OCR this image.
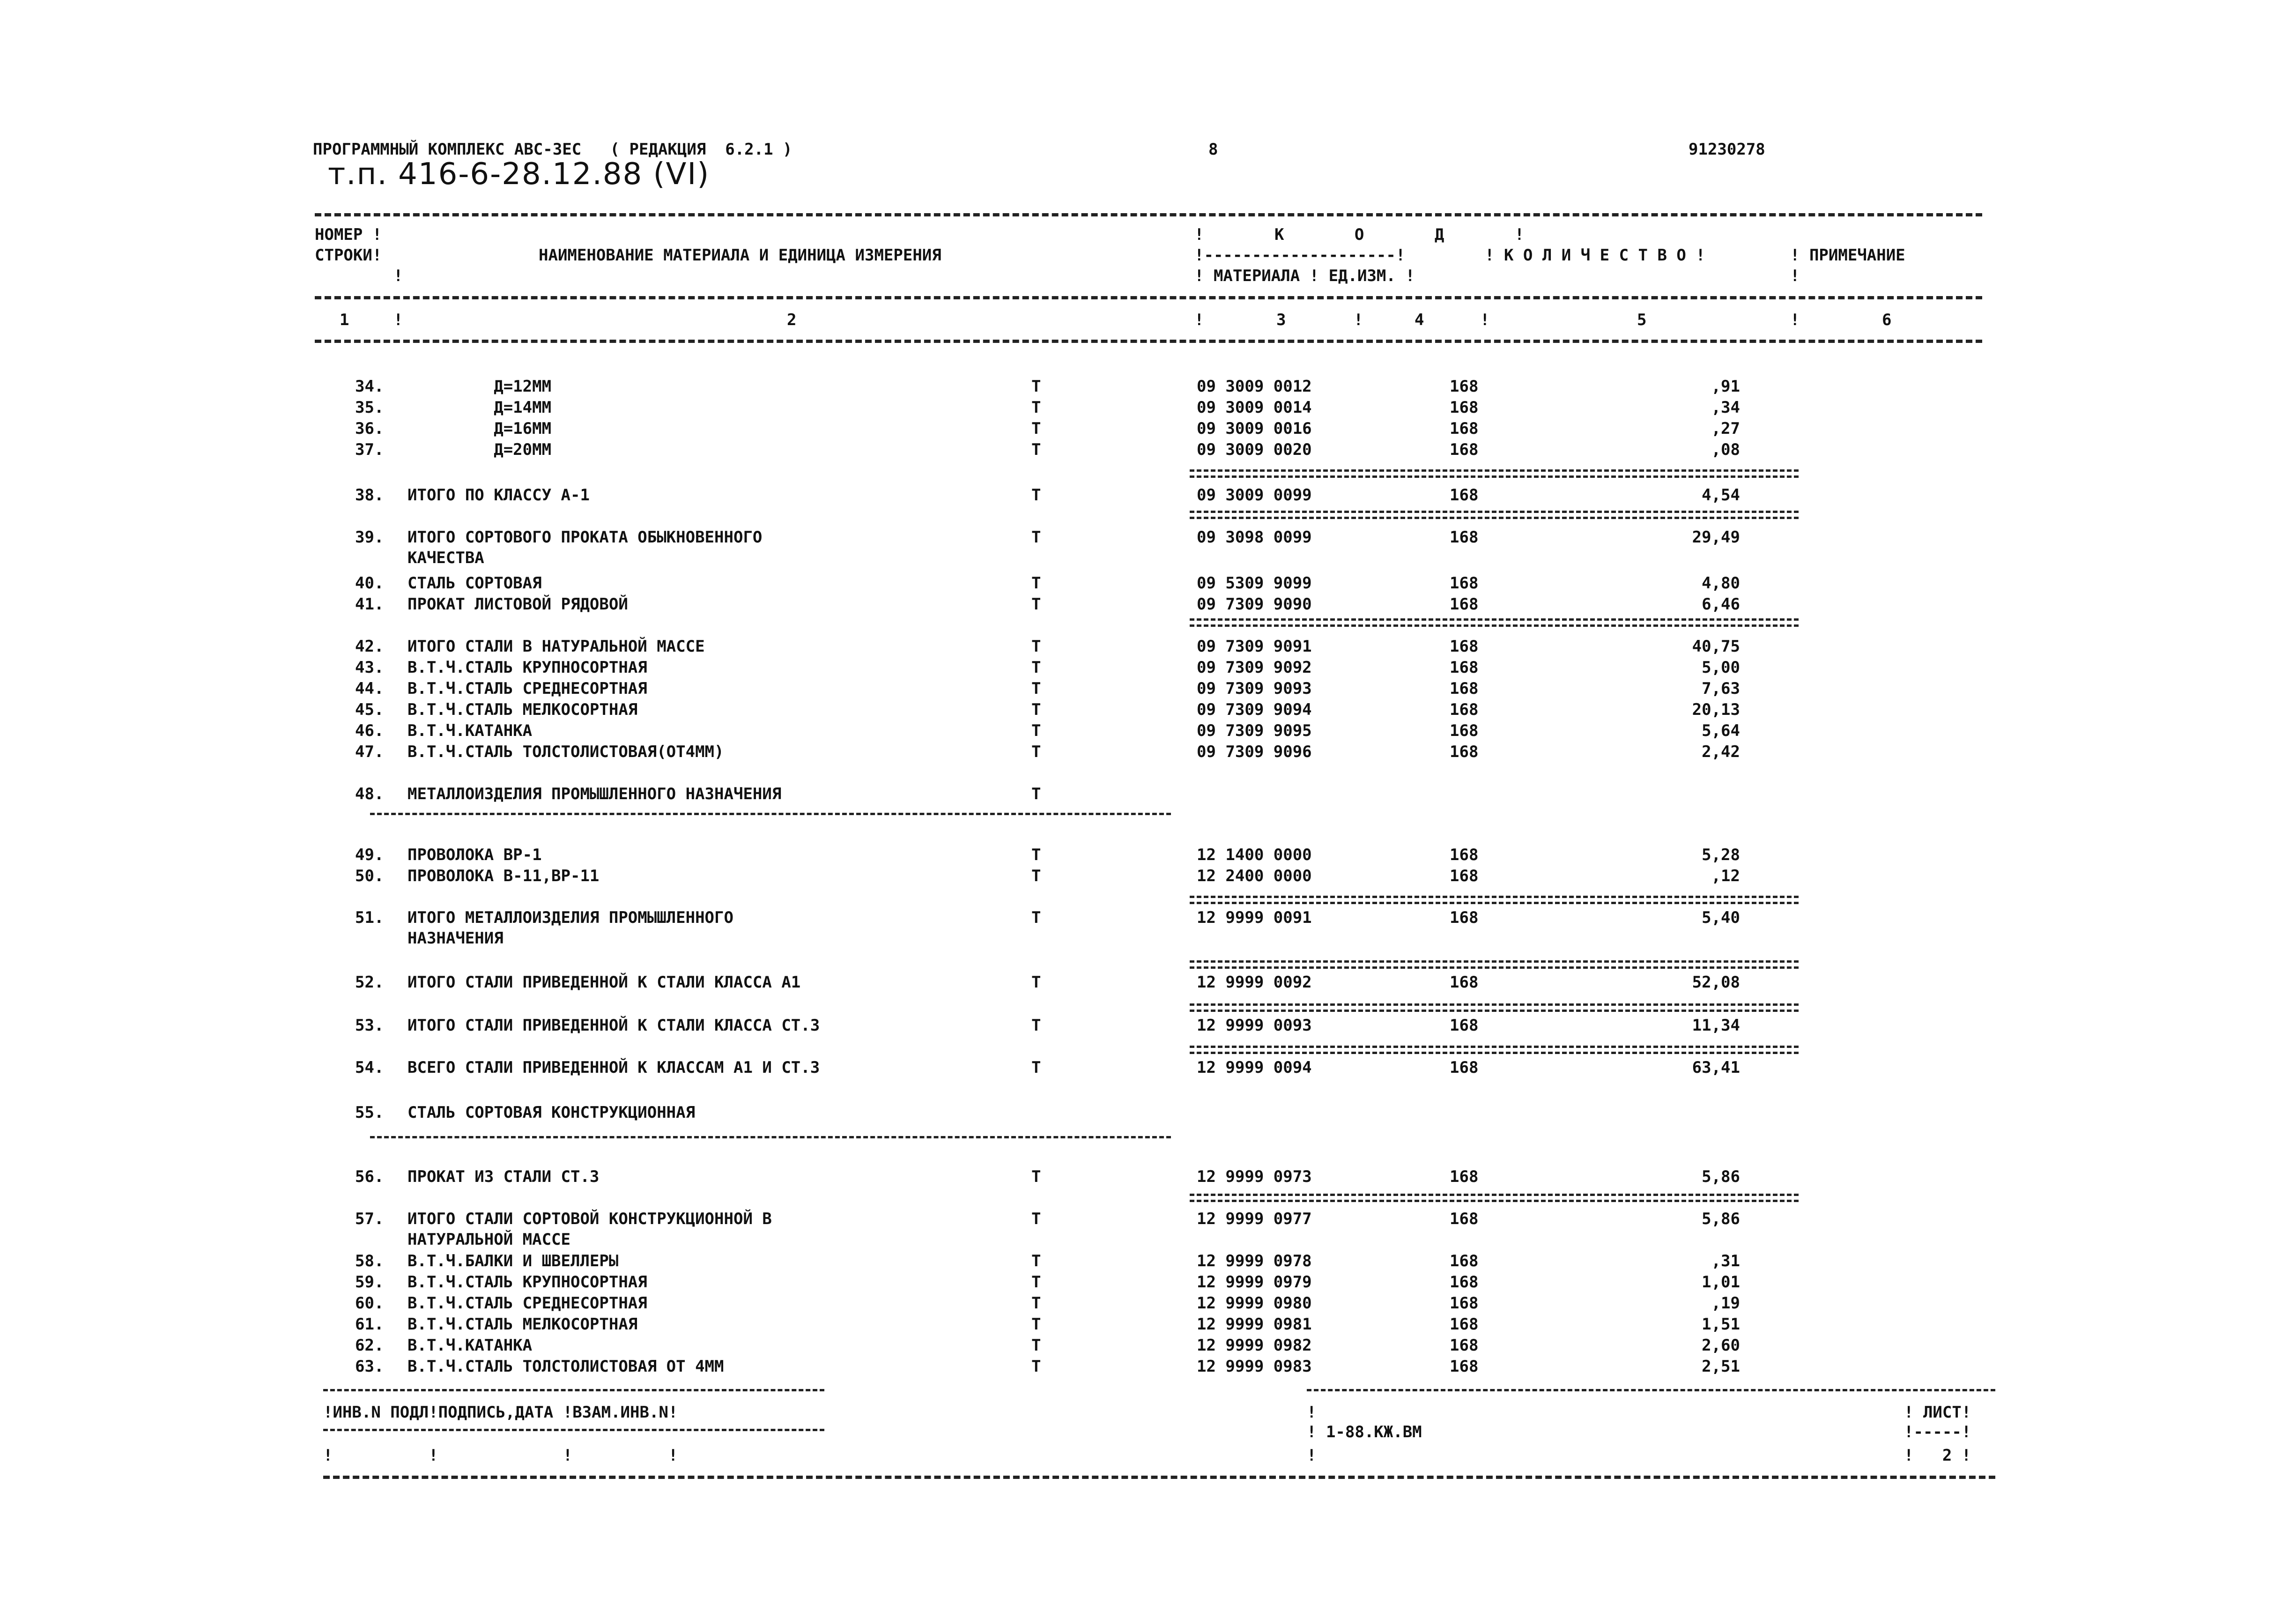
ПРОГРАММНЫЙ КОМПЛЕКС АВС-3ЕС   ( РЕДАКЦИЯ  6.2.1 )	8	91230278
т.п. 416-6-28.12.88 (VI)
НОМЕР !
СТРОКИ!
!
НАИМЕНОВАНИЕ МАТЕРИАЛА И ЕДИНИЦА ИЗМЕРЕНИЯ
! К О Д !
!--------------------!
! МАТЕРИАЛА ! ЕД.ИЗМ. !
! К О Л И Ч Е С Т В О !	! ПРИМЕЧАНИЕ
!
1	!	2	!	3	!	4	!	5	!	6
34. Д=12ММ	Т	09 3009 0012	168	,91
35. Д=14ММ	Т	09 3009 0014	168	,34
36. Д=16ММ	Т	09 3009 0016	168	,27
37. Д=20ММ	Т	09 3009 0020	168	,08
38. ИТОГО ПО КЛАССУ А-1	Т	09 3009 0099	168	4,54
39. ИТОГО СОРТОВОГО ПРОКАТА ОБЫКНОВЕННОГО	Т	09 3098 0099	168	29,49
КАЧЕСТВА
40. СТАЛЬ СОРТОВАЯ	Т	09 5309 9099	168	4,80
41. ПРОКАТ ЛИСТОВОЙ РЯДОВОЙ	Т	09 7309 9090	168	6,46
42. ИТОГО СТАЛИ В НАТУРАЛЬНОЙ МАССЕ	Т	09 7309 9091	168	40,75
43. В.Т.Ч.СТАЛЬ КРУПНОСОРТНАЯ	Т	09 7309 9092	168	5,00
44. В.Т.Ч.СТАЛЬ СРЕДНЕСОРТНАЯ	Т	09 7309 9093	168	7,63
45. В.Т.Ч.СТАЛЬ МЕЛКОСОРТНАЯ	Т	09 7309 9094	168	20,13
46. В.Т.Ч.КАТАНКА	Т	09 7309 9095	168	5,64
47. В.Т.Ч.СТАЛЬ ТОЛСТОЛИСТОВАЯ(ОТ4ММ)	Т	09 7309 9096	168	2,42
48. МЕТАЛЛОИЗДЕЛИЯ ПРОМЫШЛЕННОГО НАЗНАЧЕНИЯ	Т
49. ПРОВОЛОКА ВР-1	Т	12 1400 0000	168	5,28
50. ПРОВОЛОКА В-11,ВР-11	Т	12 2400 0000	168	,12
51. ИТОГО МЕТАЛЛОИЗДЕЛИЯ ПРОМЫШЛЕННОГО	Т	12 9999 0091	168	5,40
НАЗНАЧЕНИЯ
52. ИТОГО СТАЛИ ПРИВЕДЕННОЙ К СТАЛИ КЛАССА А1	Т	12 9999 0092	168	52,08
53. ИТОГО СТАЛИ ПРИВЕДЕННОЙ К СТАЛИ КЛАССА СТ.3	Т	12 9999 0093	168	11,34
54. ВСЕГО СТАЛИ ПРИВЕДЕННОЙ К КЛАССАМ А1 И СТ.3	Т	12 9999 0094	168	63,41
55. СТАЛЬ СОРТОВАЯ КОНСТРУКЦИОННАЯ
56. ПРОКАТ ИЗ СТАЛИ СТ.3	Т	12 9999 0973	168	5,86
57. ИТОГО СТАЛИ СОРТОВОЙ КОНСТРУКЦИОННОЙ В	Т	12 9999 0977	168	5,86
НАТУРАЛЬНОЙ МАССЕ
58. В.Т.Ч.БАЛКИ И ШВЕЛЛЕРЫ	Т	12 9999 0978	168	,31
59. В.Т.Ч.СТАЛЬ КРУПНОСОРТНАЯ	Т	12 9999 0979	168	1,01
60. В.Т.Ч.СТАЛЬ СРЕДНЕСОРТНАЯ	Т	12 9999 0980	168	,19
61. В.Т.Ч.СТАЛЬ МЕЛКОСОРТНАЯ	Т	12 9999 0981	168	1,51
62. В.Т.Ч.КАТАНКА	Т	12 9999 0982	168	2,60
63. В.Т.Ч.СТАЛЬ ТОЛСТОЛИСТОВАЯ ОТ 4ММ	Т	12 9999 0983	168	2,51
!ИНВ.N ПОДЛ!ПОДПИСЬ,ДАТА !ВЗАМ.ИНВ.N!
!          !             !          !
!
! 1-88.КЖ.ВМ
!
! ЛИСТ!
!-----!
!   2 !
